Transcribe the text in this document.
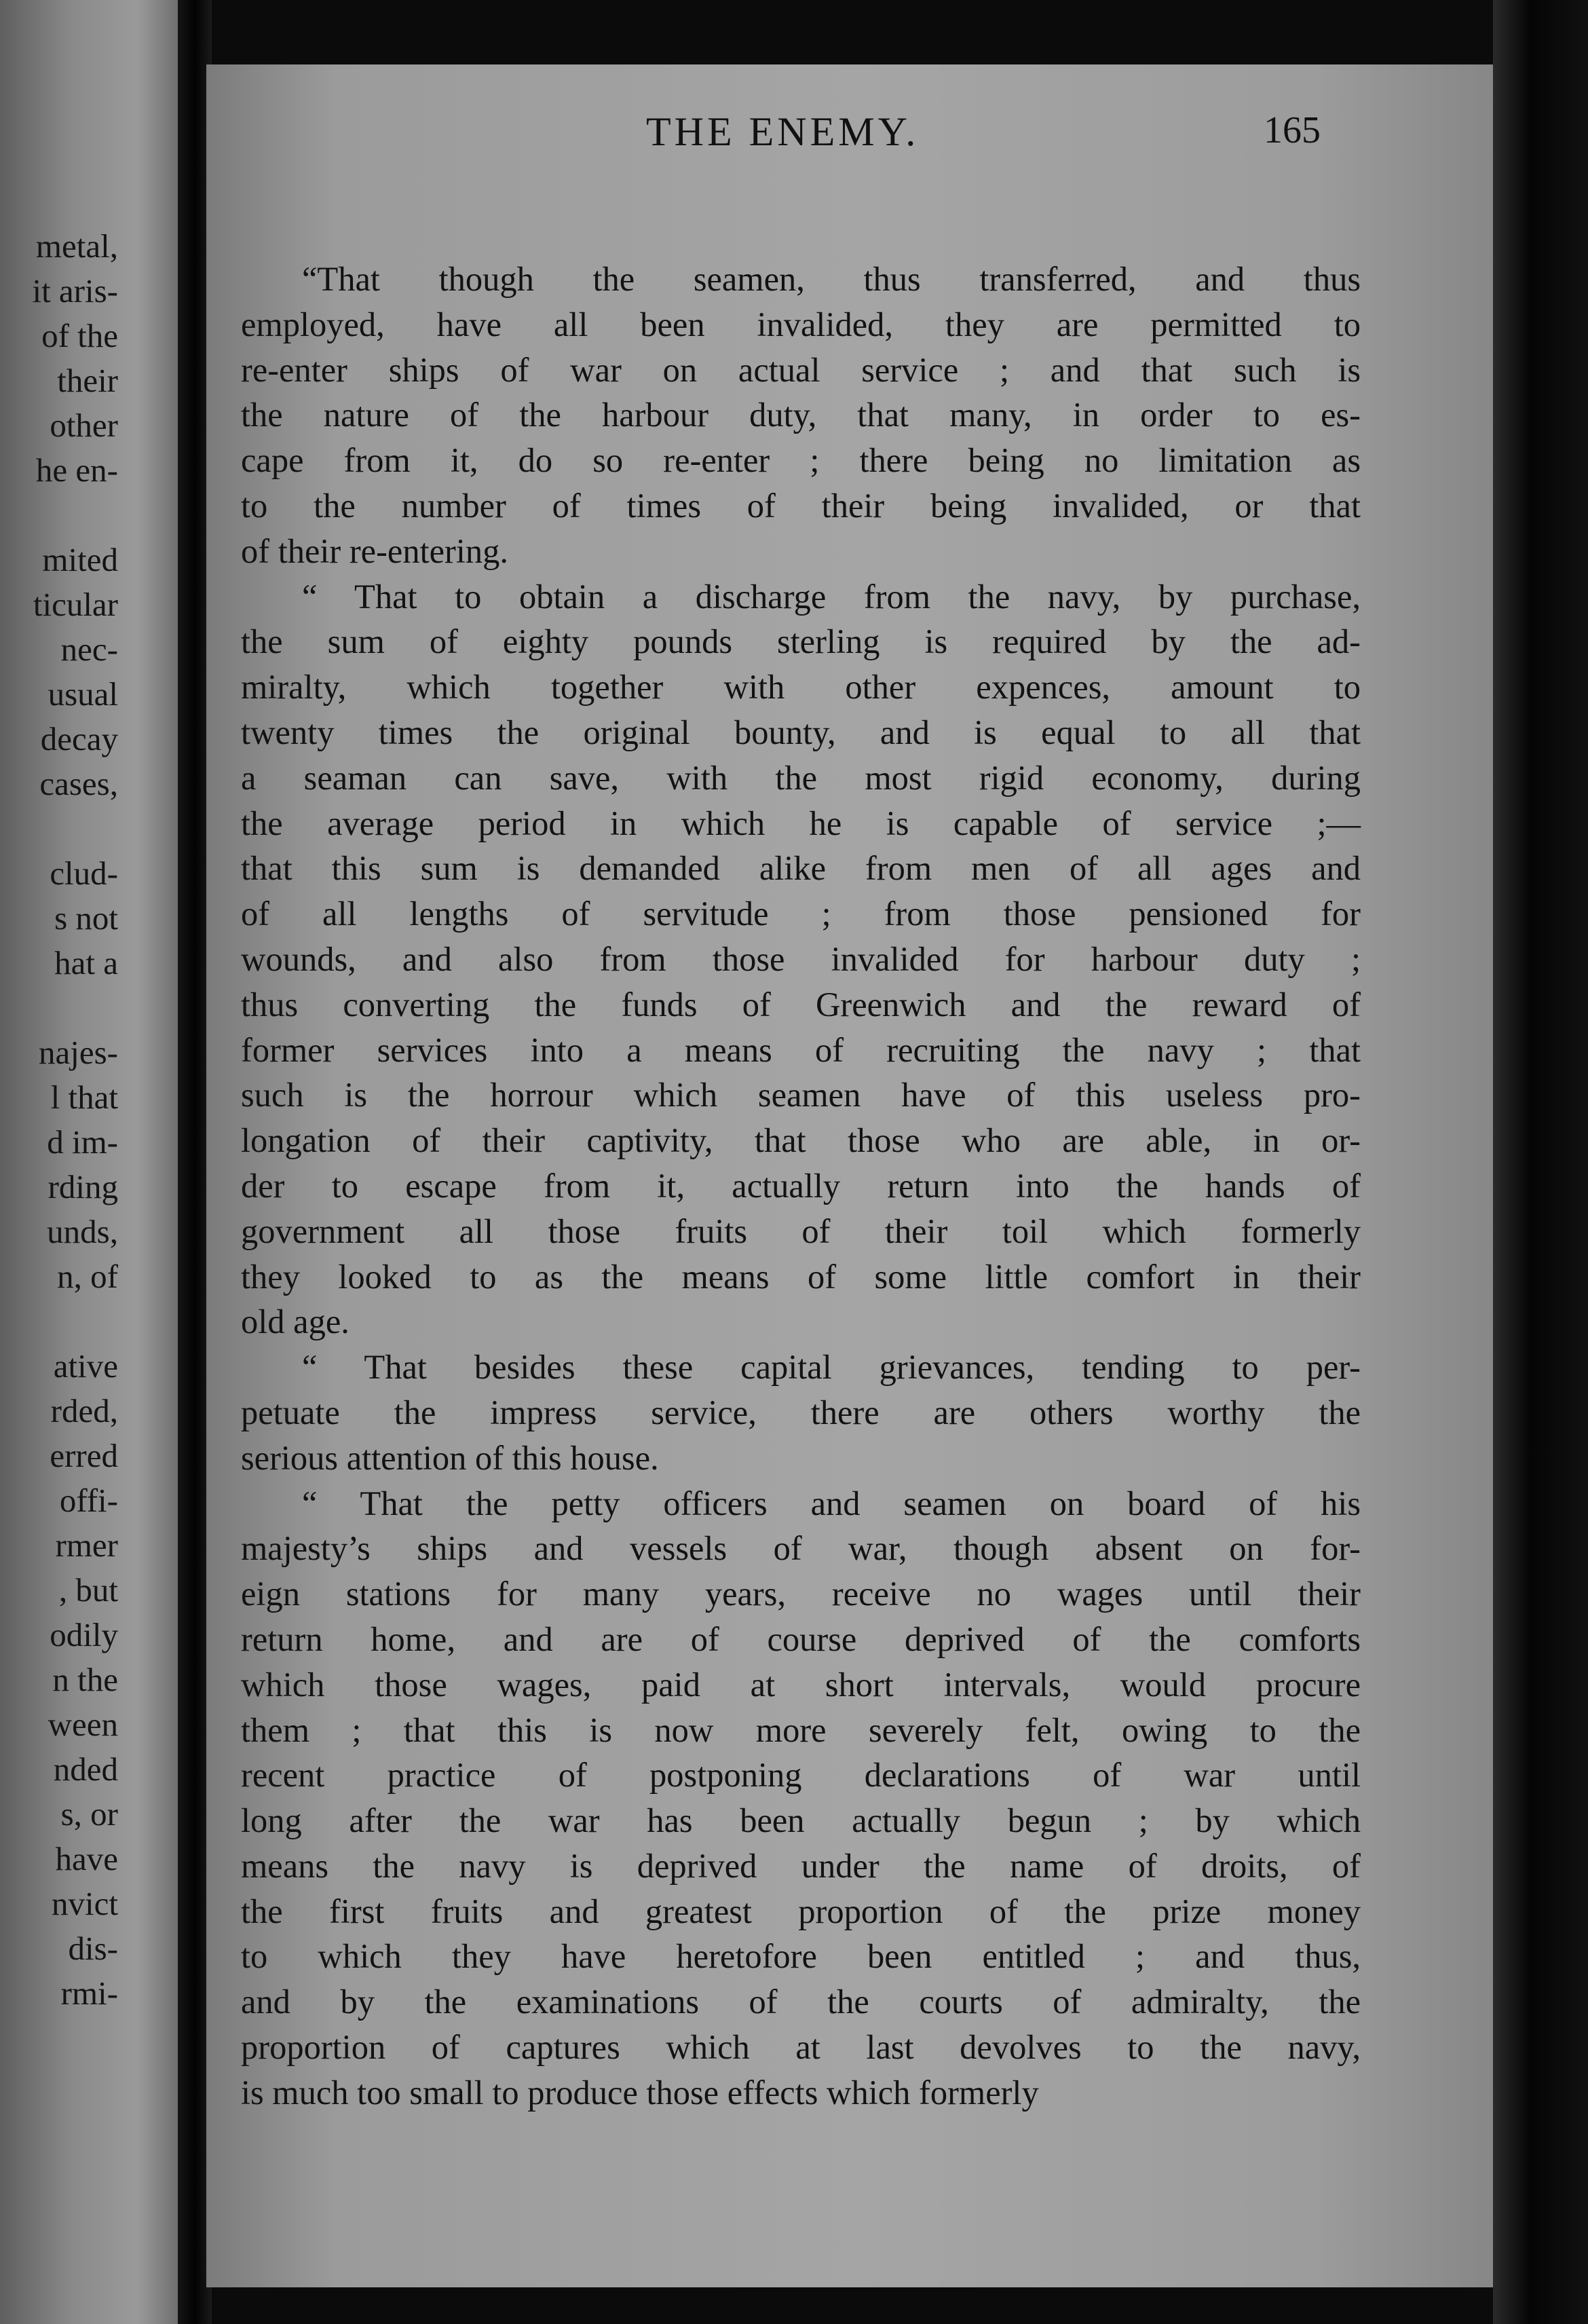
metal,
it aris-
of the
their
other
he en-
mited
ticular
nec-
usual
decay
cases,
clud-
s not
hat a
najes-
l that
d im-
rding
unds,
n, of
ative
rded,
erred
offi-
rmer
, but
odily
n the
ween
nded
s, or
have
nvict
dis-
rmi-
THE ENEMY.	165
“That though the seamen, thus transferred, and thus
employed, have all been invalided, they are permitted to
re-enter ships of war on actual service ; and that such is
the nature of the harbour duty, that many, in order to es-
cape from it, do so re-enter ; there being no limitation as
to the number of times of their being invalided, or that
of their re-entering.
“ That to obtain a discharge from the navy, by purchase,
the sum of eighty pounds sterling is required by the ad-
miralty, which together with other expences, amount to
twenty times the original bounty, and is equal to all that
a seaman can save, with the most rigid economy, during
the average period in which he is capable of service ;—
that this sum is demanded alike from men of all ages and
of all lengths of servitude ; from those pensioned for
wounds, and also from those invalided for harbour duty ;
thus converting the funds of Greenwich and the reward of
former services into a means of recruiting the navy ; that
such is the horrour which seamen have of this useless pro-
longation of their captivity, that those who are able, in or-
der to escape from it, actually return into the hands of
government all those fruits of their toil which formerly
they looked to as the means of some little comfort in their
old age.
“ That besides these capital grievances, tending to per-
petuate the impress service, there are others worthy the
serious attention of this house.
“ That the petty officers and seamen on board of his
majesty’s ships and vessels of war, though absent on for-
eign stations for many years, receive no wages until their
return home, and are of course deprived of the comforts
which those wages, paid at short intervals, would procure
them ; that this is now more severely felt, owing to the
recent practice of postponing declarations of war until
long after the war has been actually begun ; by which
means the navy is deprived under the name of droits, of
the first fruits and greatest proportion of the prize money
to which they have heretofore been entitled ; and thus,
and by the examinations of the courts of admiralty, the
proportion of captures which at last devolves to the navy,
is much too small to produce those effects which formerly
